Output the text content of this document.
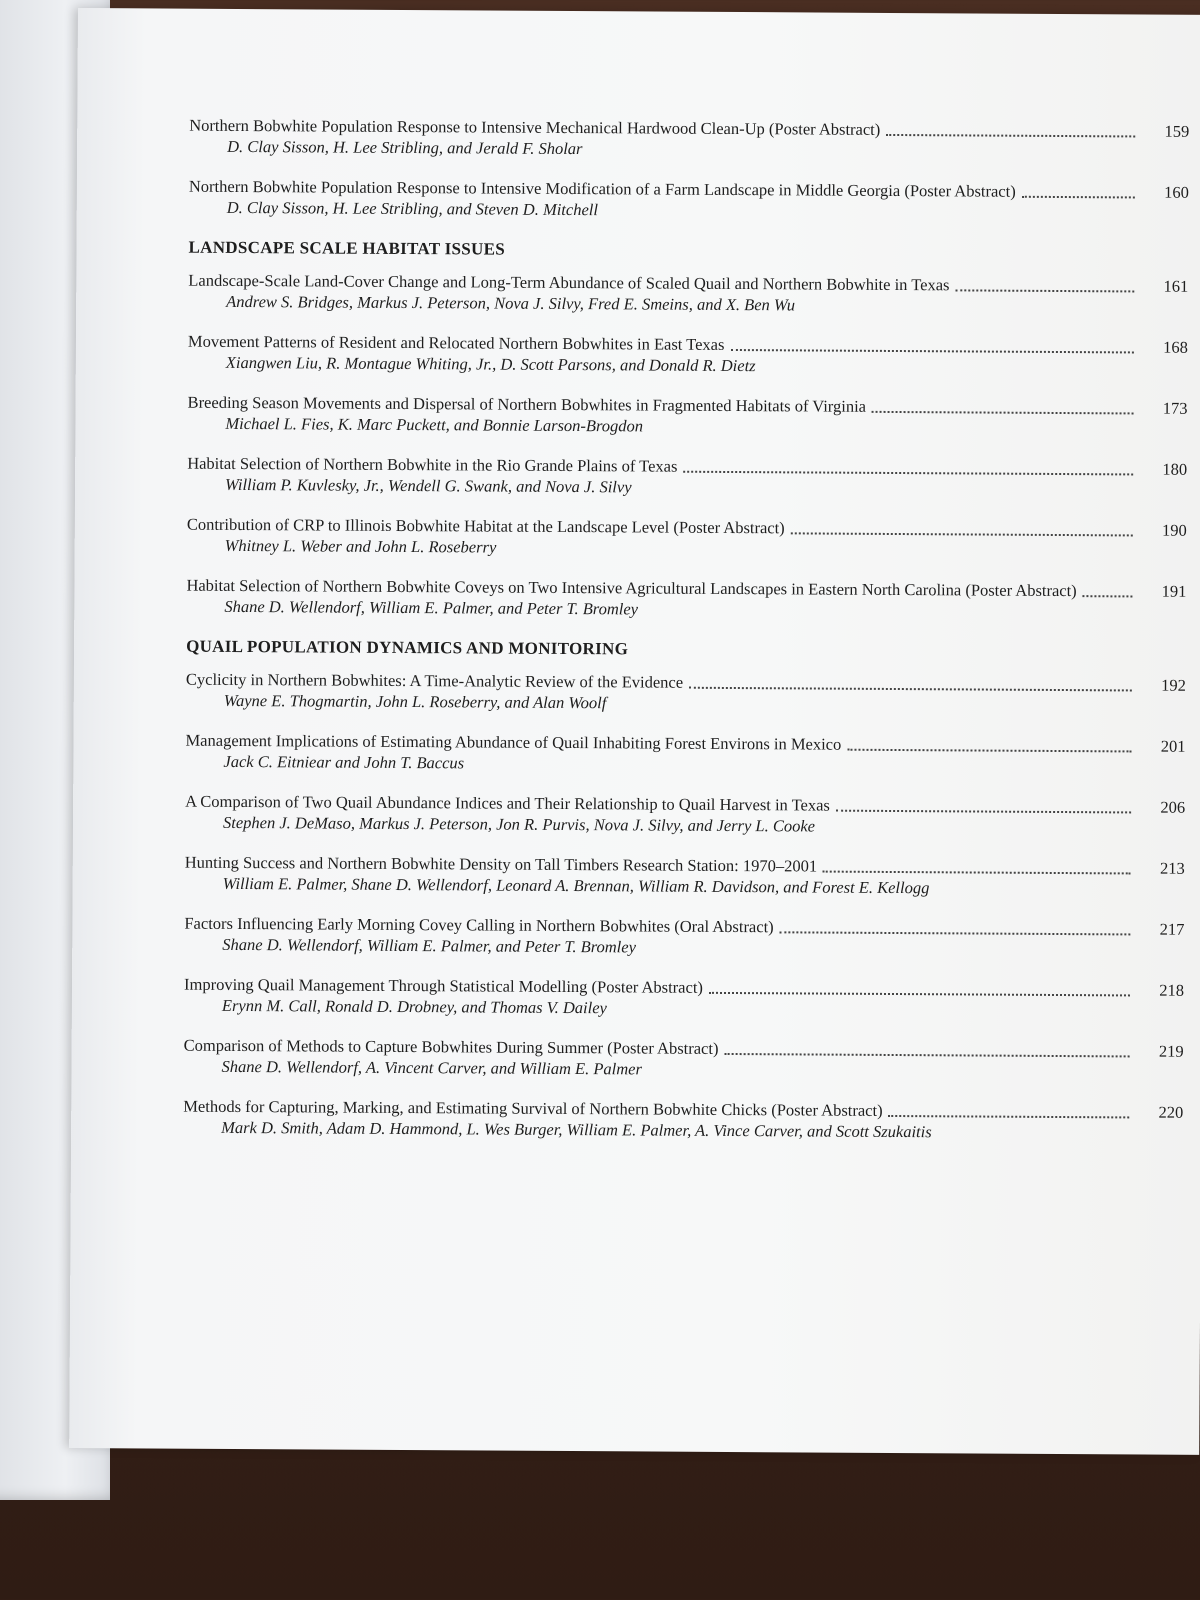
Northern Bobwhite Population Response to Intensive Mechanical Hardwood Clean-Up (Poster Abstract)	159
D. Clay Sisson, H. Lee Stribling, and Jerald F. Sholar
Northern Bobwhite Population Response to Intensive Modification of a Farm Landscape in Middle Georgia (Poster Abstract)	160
D. Clay Sisson, H. Lee Stribling, and Steven D. Mitchell
LANDSCAPE SCALE HABITAT ISSUES
Landscape-Scale Land-Cover Change and Long-Term Abundance of Scaled Quail and Northern Bobwhite in Texas	161
Andrew S. Bridges, Markus J. Peterson, Nova J. Silvy, Fred E. Smeins, and X. Ben Wu
Movement Patterns of Resident and Relocated Northern Bobwhites in East Texas	168
Xiangwen Liu, R. Montague Whiting, Jr., D. Scott Parsons, and Donald R. Dietz
Breeding Season Movements and Dispersal of Northern Bobwhites in Fragmented Habitats of Virginia	173
Michael L. Fies, K. Marc Puckett, and Bonnie Larson-Brogdon
Habitat Selection of Northern Bobwhite in the Rio Grande Plains of Texas	180
William P. Kuvlesky, Jr., Wendell G. Swank, and Nova J. Silvy
Contribution of CRP to Illinois Bobwhite Habitat at the Landscape Level (Poster Abstract)	190
Whitney L. Weber and John L. Roseberry
Habitat Selection of Northern Bobwhite Coveys on Two Intensive Agricultural Landscapes in Eastern North Carolina (Poster Abstract)	191
Shane D. Wellendorf, William E. Palmer, and Peter T. Bromley
QUAIL POPULATION DYNAMICS AND MONITORING
Cyclicity in Northern Bobwhites: A Time-Analytic Review of the Evidence	192
Wayne E. Thogmartin, John L. Roseberry, and Alan Woolf
Management Implications of Estimating Abundance of Quail Inhabiting Forest Environs in Mexico	201
Jack C. Eitniear and John T. Baccus
A Comparison of Two Quail Abundance Indices and Their Relationship to Quail Harvest in Texas	206
Stephen J. DeMaso, Markus J. Peterson, Jon R. Purvis, Nova J. Silvy, and Jerry L. Cooke
Hunting Success and Northern Bobwhite Density on Tall Timbers Research Station: 1970–2001	213
William E. Palmer, Shane D. Wellendorf, Leonard A. Brennan, William R. Davidson, and Forest E. Kellogg
Factors Influencing Early Morning Covey Calling in Northern Bobwhites (Oral Abstract)	217
Shane D. Wellendorf, William E. Palmer, and Peter T. Bromley
Improving Quail Management Through Statistical Modelling (Poster Abstract)	218
Erynn M. Call, Ronald D. Drobney, and Thomas V. Dailey
Comparison of Methods to Capture Bobwhites During Summer (Poster Abstract)	219
Shane D. Wellendorf, A. Vincent Carver, and William E. Palmer
Methods for Capturing, Marking, and Estimating Survival of Northern Bobwhite Chicks (Poster Abstract)	220
Mark D. Smith, Adam D. Hammond, L. Wes Burger, William E. Palmer, A. Vince Carver, and Scott Szukaitis
